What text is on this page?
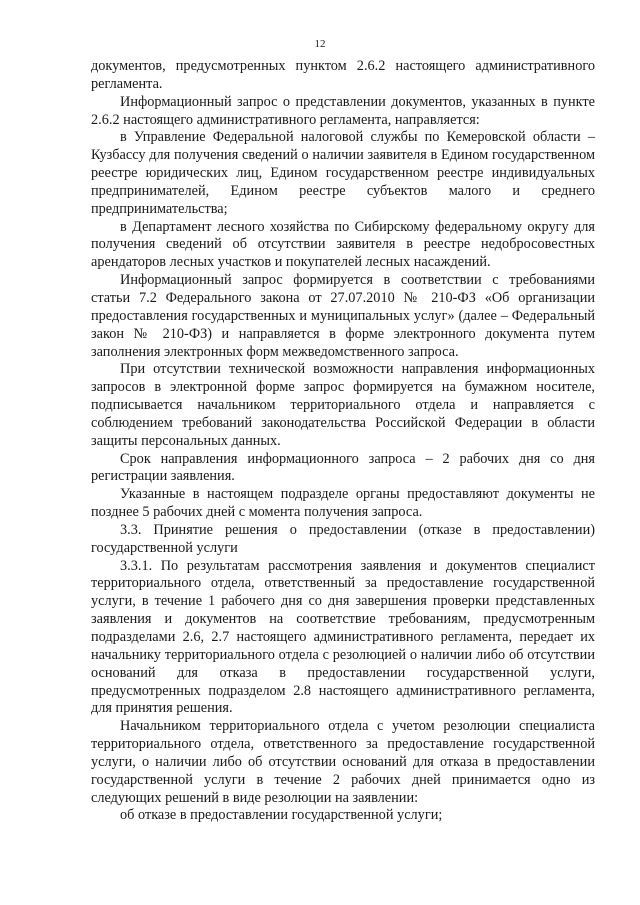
12

документов, предусмотренных пунктом 2.6.2 настоящего административного регламента.

Информационный запрос о представлении документов, указанных в пункте 2.6.2 настоящего административного регламента, направляется:

в Управление Федеральной налоговой службы по Кемеровской области – Кузбассу для получения сведений о наличии заявителя в Едином государственном реестре юридических лиц, Едином государственном реестре индивидуальных предпринимателей, Едином реестре субъектов малого и среднего предпринимательства;

в Департамент лесного хозяйства по Сибирскому федеральному округу для получения сведений об отсутствии заявителя в реестре недобросовестных арендаторов лесных участков и покупателей лесных насаждений.

Информационный запрос формируется в соответствии с требованиями статьи 7.2 Федерального закона от 27.07.2010 № 210-ФЗ «Об организации предоставления государственных и муниципальных услуг» (далее – Федеральный закон № 210-ФЗ) и направляется в форме электронного документа путем заполнения электронных форм межведомственного запроса.

При отсутствии технической возможности направления информационных запросов в электронной форме запрос формируется на бумажном носителе, подписывается начальником территориального отдела и направляется с соблюдением требований законодательства Российской Федерации в области защиты персональных данных.

Срок направления информационного запроса – 2 рабочих дня со дня регистрации заявления.

Указанные в настоящем подразделе органы предоставляют документы не позднее 5 рабочих дней с момента получения запроса.

3.3. Принятие решения о предоставлении (отказе в предоставлении) государственной услуги

3.3.1. По результатам рассмотрения заявления и документов специалист территориального отдела, ответственный за предоставление государственной услуги, в течение 1 рабочего дня со дня завершения проверки представленных заявления и документов на соответствие требованиям, предусмотренным подразделами 2.6, 2.7 настоящего административного регламента, передает их начальнику территориального отдела с резолюцией о наличии либо об отсутствии оснований для отказа в предоставлении государственной услуги, предусмотренных подразделом 2.8 настоящего административного регламента, для принятия решения.

Начальником территориального отдела с учетом резолюции специалиста территориального отдела, ответственного за предоставление государственной услуги, о наличии либо об отсутствии оснований для отказа в предоставлении государственной услуги в течение 2 рабочих дней принимается одно из следующих решений в виде резолюции на заявлении:

об отказе в предоставлении государственной услуги;
